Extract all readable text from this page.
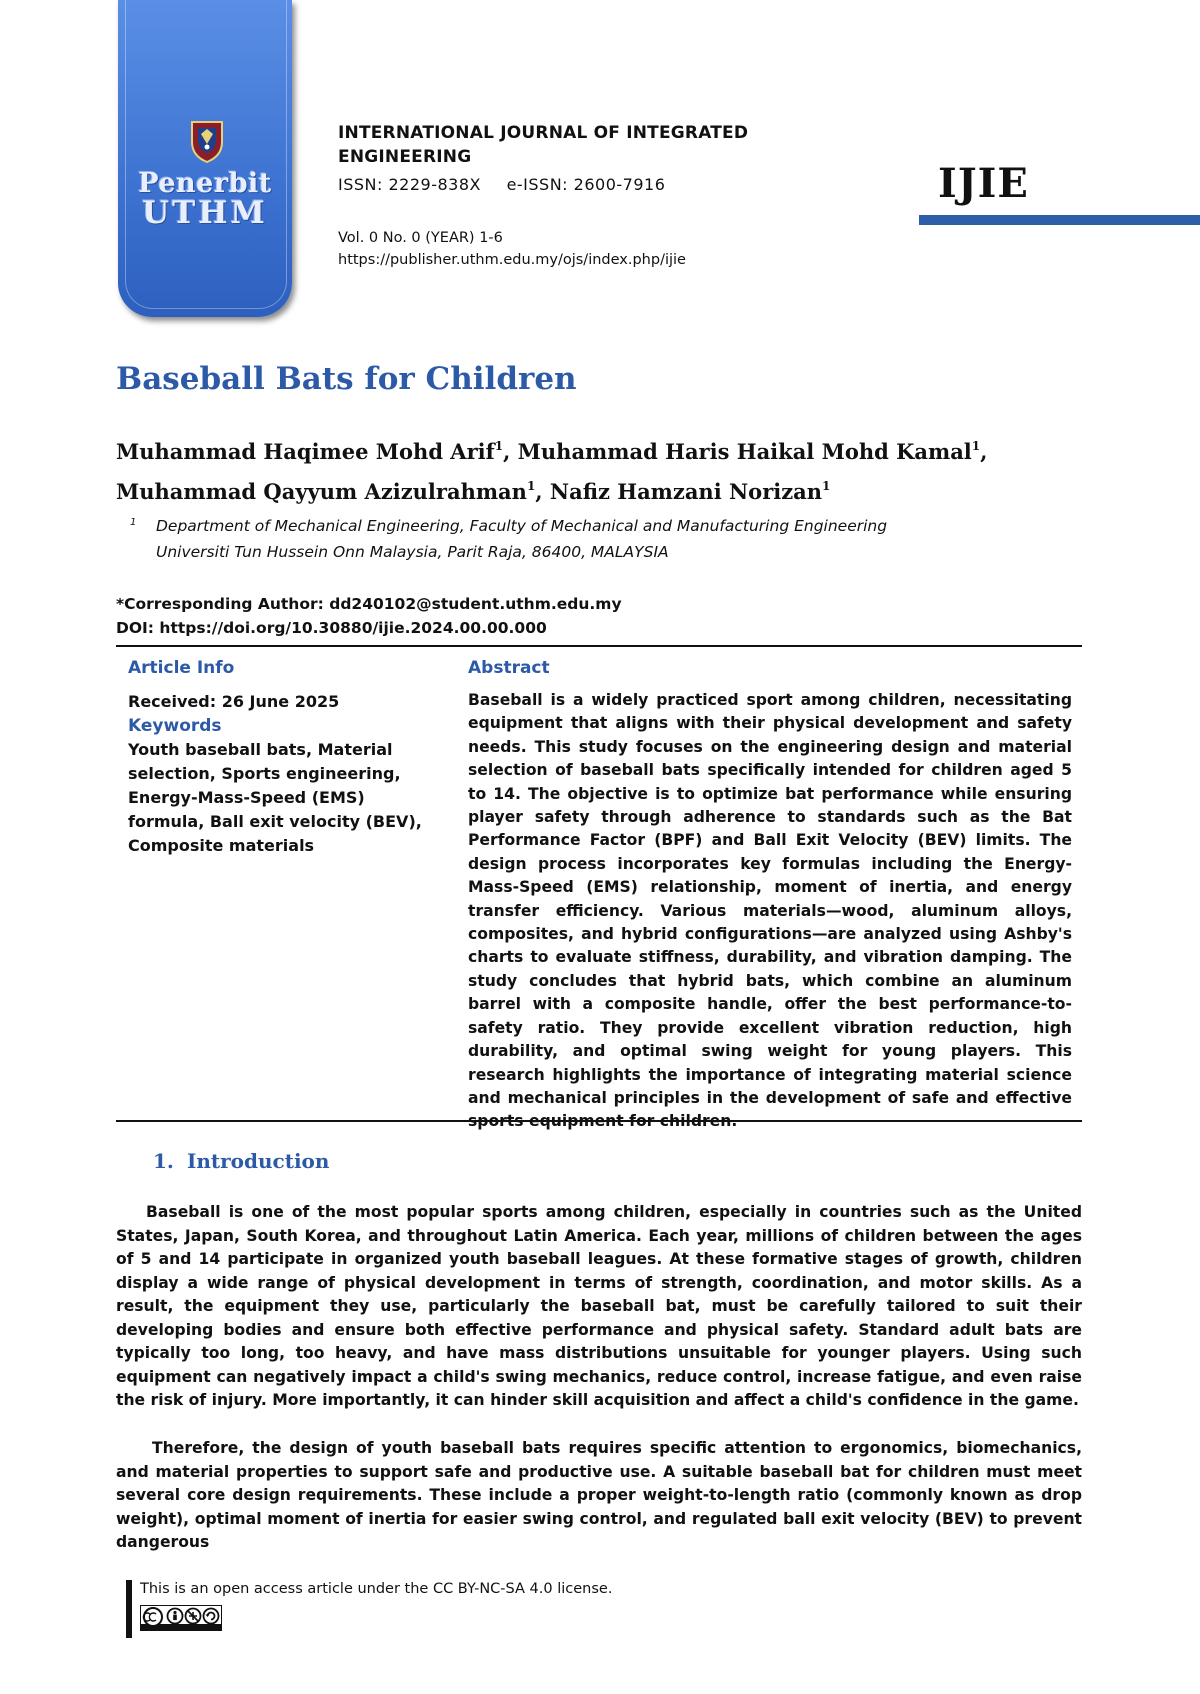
Penerbit
UTHM
INTERNATIONAL JOURNAL OF INTEGRATED ENGINEERING
ISSN: 2229-838X e-ISSN: 2600-7916
Vol. 0 No. 0 (YEAR) 1-6
https://publisher.uthm.edu.my/ojs/index.php/ijie
IJIE
Baseball Bats for Children
Muhammad Haqimee Mohd Arif$^1$, Muhammad Haris Haikal Mohd Kamal$^1$,
Muhammad Qayyum Azizulrahman$^1$, Nafiz Hamzani Norizan$^1$
1 Department of Mechanical Engineering, Faculty of Mechanical and Manufacturing Engineering
Universiti Tun Hussein Onn Malaysia, Parit Raja, 86400, MALAYSIA
*Corresponding Author: dd240102@student.uthm.edu.my
DOI: https://doi.org/10.30880/ijie.2024.00.00.000
Article Info	Abstract
Received: 26 June 2025
Keywords
Youth baseball bats, Material selection, Sports engineering, Energy-Mass-Speed (EMS) formula, Ball exit velocity (BEV), Composite materials
Baseball is a widely practiced sport among children, necessitating equipment that aligns with their physical development and safety needs. This study focuses on the engineering design and material selection of baseball bats specifically intended for children aged 5 to 14. The objective is to optimize bat performance while ensuring player safety through adherence to standards such as the Bat Performance Factor (BPF) and Ball Exit Velocity (BEV) limits. The design process incorporates key formulas including the Energy-Mass-Speed (EMS) relationship, moment of inertia, and energy transfer efficiency. Various materials—wood, aluminum alloys, composites, and hybrid configurations—are analyzed using Ashby's charts to evaluate stiffness, durability, and vibration damping. The study concludes that hybrid bats, which combine an aluminum barrel with a composite handle, offer the best performance-to-safety ratio. They provide excellent vibration reduction, high durability, and optimal swing weight for young players. This research highlights the importance of integrating material science and mechanical principles in the development of safe and effective
1. Introduction
Baseball is one of the most popular sports among children, especially in countries such as the United States, Japan, South Korea, and throughout Latin America. Each year, millions of children between the ages of 5 and 14 participate in organized youth baseball leagues. At these formative stages of growth, children display a wide range of physical development in terms of strength, coordination, and motor skills. As a result, the equipment they use, particularly the baseball bat, must be carefully tailored to suit their developing bodies and ensure both effective performance and physical safety. Standard adult bats are typically too long, too heavy, and have mass distributions unsuitable for younger players. Using such equipment can negatively impact a child's swing mechanics, reduce control, increase fatigue, and even raise the risk of injury. More importantly, it can hinder skill acquisition and affect a child's confidence in the game.
Therefore, the design of youth baseball bats requires specific attention to ergonomics, biomechanics, and material properties to support safe and productive use. A suitable baseball bat for children must meet several core design requirements. These include a proper weight-to-length ratio (commonly known as drop weight), optimal moment of inertia for easier swing control, and regulated ball exit velocity (BEV) to prevent dangerous
This is an open access article under the CC BY-NC-SA 4.0 license.
